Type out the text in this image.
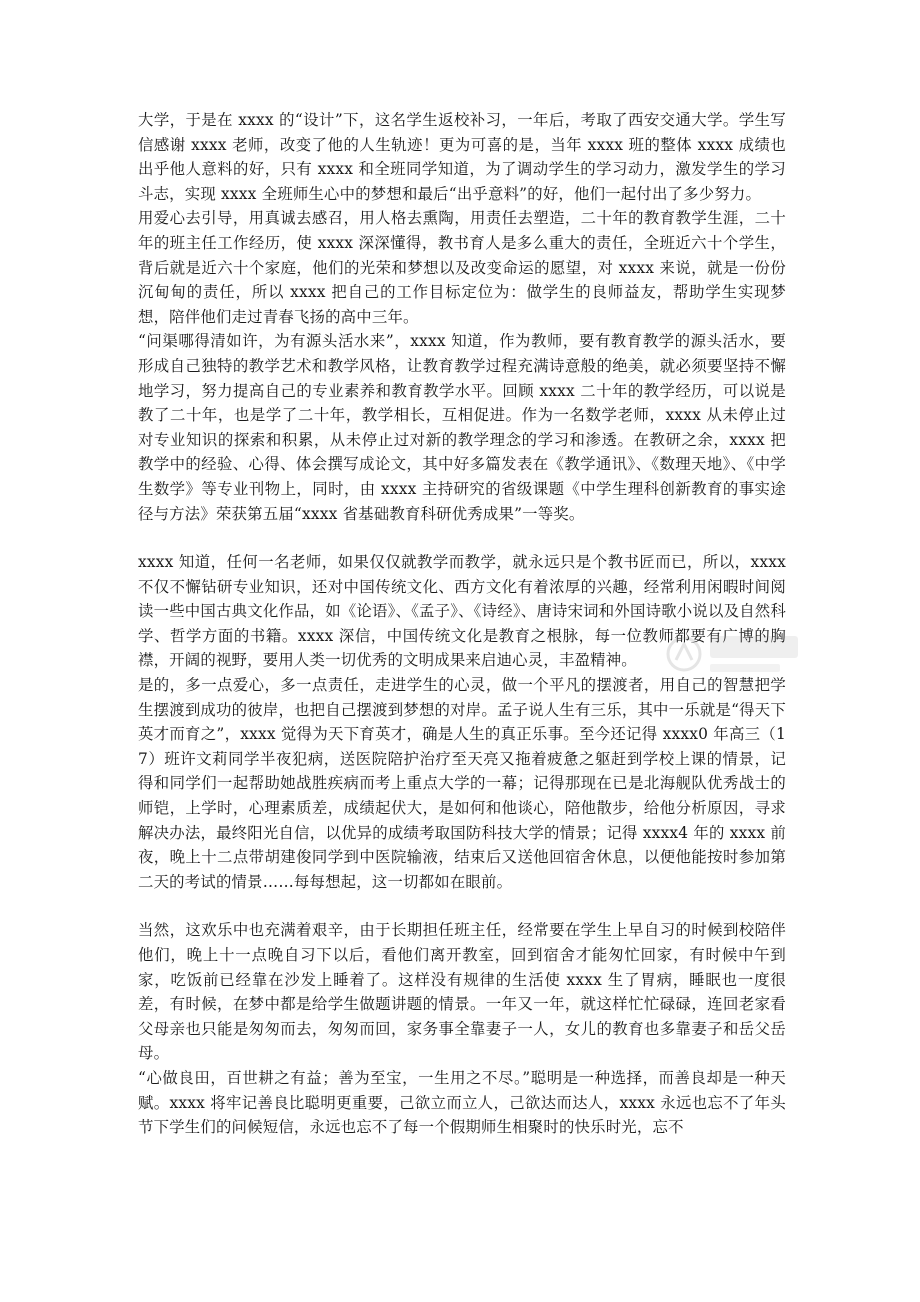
大学，于是在 xxxx 的“设计”下，这名学生返校补习，一年后，考取了西安交通大学。学生写信感谢 xxxx 老师，改变了他的人生轨迹！更为可喜的是，当年 xxxx 班的整体 xxxx 成绩也出乎他人意料的好，只有 xxxx 和全班同学知道，为了调动学生的学习动力，激发学生的学习斗志，实现 xxxx 全班师生心中的梦想和最后“出乎意料”的好，他们一起付出了多少努力。

用爱心去引导，用真诚去感召，用人格去熏陶，用责任去塑造，二十年的教育教学生涯，二十年的班主任工作经历，使 xxxx 深深懂得，教书育人是多么重大的责任，全班近六十个学生，背后就是近六十个家庭，他们的光荣和梦想以及改变命运的愿望，对 xxxx 来说，就是一份份沉甸甸的责任，所以 xxxx 把自己的工作目标定位为：做学生的良师益友，帮助学生实现梦想，陪伴他们走过青春飞扬的高中三年。

“问渠哪得清如许，为有源头活水来”，xxxx 知道，作为教师，要有教育教学的源头活水，要形成自己独特的教学艺术和教学风格，让教育教学过程充满诗意般的绝美，就必须要坚持不懈地学习，努力提高自己的专业素养和教育教学水平。回顾 xxxx 二十年的教学经历，可以说是教了二十年，也是学了二十年，教学相长，互相促进。作为一名数学老师，xxxx 从未停止过对专业知识的探索和积累，从未停止过对新的教学理念的学习和渗透。在教研之余，xxxx 把教学中的经验、心得、体会撰写成论文，其中好多篇发表在《教学通讯》、《数理天地》、《中学生数学》等专业刊物上，同时，由 xxxx 主持研究的省级课题《中学生理科创新教育的事实途径与方法》荣获第五届“xxxx 省基础教育科研优秀成果”一等奖。

xxxx 知道，任何一名老师，如果仅仅就教学而教学，就永远只是个教书匠而已，所以，xxxx 不仅不懈钻研专业知识，还对中国传统文化、西方文化有着浓厚的兴趣，经常利用闲暇时间阅读一些中国古典文化作品，如《论语》、《孟子》、《诗经》、唐诗宋词和外国诗歌小说以及自然科学、哲学方面的书籍。xxxx 深信，中国传统文化是教育之根脉，每一位教师都要有广博的胸襟，开阔的视野，要用人类一切优秀的文明成果来启迪心灵，丰盈精神。

是的，多一点爱心，多一点责任，走进学生的心灵，做一个平凡的摆渡者，用自己的智慧把学生摆渡到成功的彼岸，也把自己摆渡到梦想的对岸。孟子说人生有三乐，其中一乐就是“得天下英才而育之”，xxxx 觉得为天下育英才，确是人生的真正乐事。至今还记得 xxxx0 年高三（17）班许文莉同学半夜犯病，送医院陪护治疗至天亮又拖着疲惫之躯赶到学校上课的情景，记得和同学们一起帮助她战胜疾病而考上重点大学的一幕；记得那现在已是北海舰队优秀战士的师铠，上学时，心理素质差，成绩起伏大，是如何和他谈心，陪他散步，给他分析原因，寻求解决办法，最终阳光自信，以优异的成绩考取国防科技大学的情景；记得 xxxx4 年的 xxxx 前夜，晚上十二点带胡建俊同学到中医院输液，结束后又送他回宿舍休息，以便他能按时参加第二天的考试的情景……每每想起，这一切都如在眼前。

当然，这欢乐中也充满着艰辛，由于长期担任班主任，经常要在学生上早自习的时候到校陪伴他们，晚上十一点晚自习下以后，看他们离开教室，回到宿舍才能匆忙回家，有时候中午到家，吃饭前已经靠在沙发上睡着了。这样没有规律的生活使 xxxx 生了胃病，睡眠也一度很差，有时候，在梦中都是给学生做题讲题的情景。一年又一年，就这样忙忙碌碌，连回老家看父母亲也只能是匆匆而去，匆匆而回，家务事全靠妻子一人，女儿的教育也多靠妻子和岳父岳母。

“心做良田，百世耕之有益；善为至宝，一生用之不尽。”聪明是一种选择，而善良却是一种天赋。xxxx 将牢记善良比聪明更重要，己欲立而立人，己欲达而达人，xxxx 永远也忘不了年头节下学生们的问候短信，永远也忘不了每一个假期师生相聚时的快乐时光，忘不
